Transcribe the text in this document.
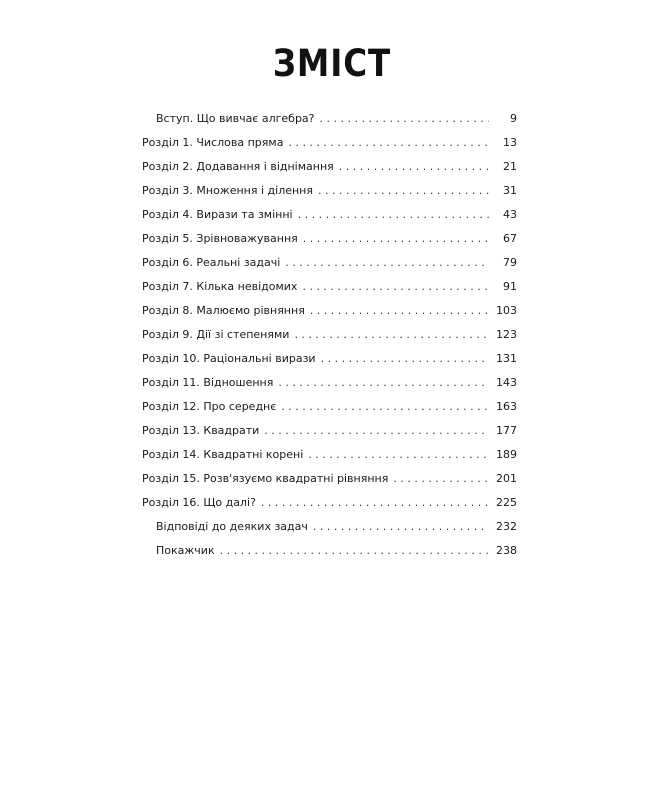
ЗМІСТ
Вступ. Що вивчає алгебра? . . .	9
Розділ 1. Числова пряма . . .	13
Розділ 2. Додавання і віднімання . . .	21
Розділ 3. Множення і ділення . . .	31
Розділ 4. Вирази та змінні . . .	43
Розділ 5. Зрівноважування . . .	67
Розділ 6. Реальні задачі . . .	79
Розділ 7. Кілька невідомих . . .	91
Розділ 8. Малюємо рівняння . . .	103
Розділ 9. Дії зі степенями . . .	123
Розділ 10. Раціональні вирази . . .	131
Розділ 11. Відношення . . .	143
Розділ 12. Про середнє . . .	163
Розділ 13. Квадрати . . .	177
Розділ 14. Квадратні корені . . .	189
Розділ 15. Розв'язуємо квадратні рівняння . . .	201
Розділ 16. Що далі? . . .	225
Відповіді до деяких задач . . .	232
Покажчик . . .	238
